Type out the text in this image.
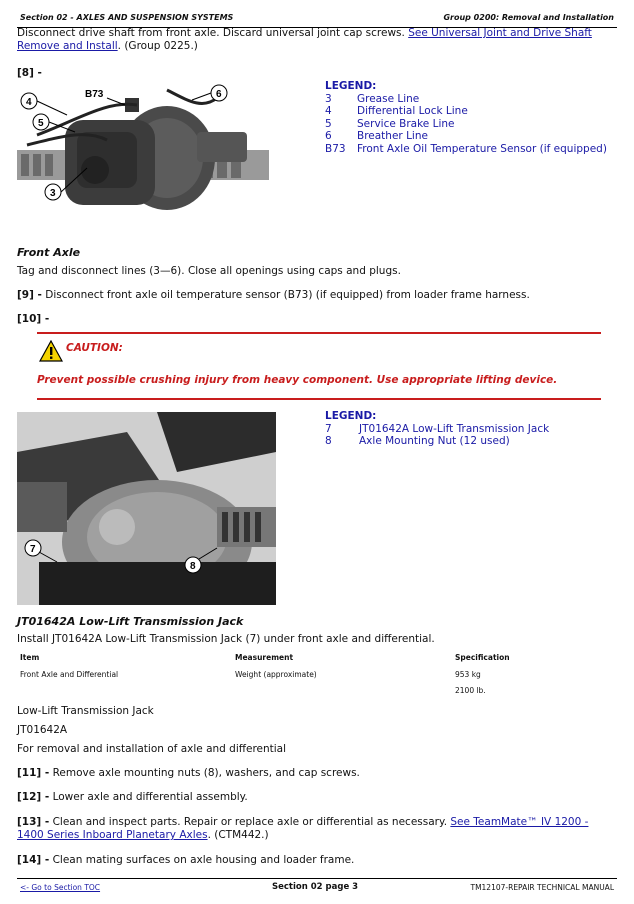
Section 02 - AXLES AND SUSPENSION SYSTEMS	Group 0200: Removal and Installation
Disconnect drive shaft from front axle. Discard universal joint cap screws. See Universal Joint and Drive Shaft Remove and Install. (Group 0225.)
[8] -
4
B73	6
5
3
LEGEND:
3	Grease Line
4	Differential Lock Line
5	Service Brake Line
6	Breather Line
B73	Front Axle Oil Temperature Sensor (if equipped)
Front Axle
Tag and disconnect lines (3—6). Close all openings using caps and plugs.
[9] - Disconnect front axle oil temperature sensor (B73) (if equipped) from loader frame harness.
[10] -
CAUTION:
Prevent possible crushing injury from heavy component. Use appropriate lifting device.
7
8
LEGEND:
7	JT01642A Low-Lift Transmission Jack
8	Axle Mounting Nut (12 used)
JT01642A Low-Lift Transmission Jack
Install JT01642A Low-Lift Transmission Jack (7) under front axle and differential.
Item	Measurement	Specification
Front Axle and Differential	Weight (approximate)	953 kg
2100 lb.
Low-Lift Transmission Jack
JT01642A
For removal and installation of axle and differential
[11] - Remove axle mounting nuts (8), washers, and cap screws.
[12] - Lower axle and differential assembly.
[13] - Clean and inspect parts. Repair or replace axle or differential as necessary. See TeamMate™ IV 1200 - 1400 Series Inboard Planetary Axles. (CTM442.)
[14] - Clean mating surfaces on axle housing and loader frame.
<- Go to Section TOC	Section 02 page 3	TM12107-REPAIR TECHNICAL MANUAL
